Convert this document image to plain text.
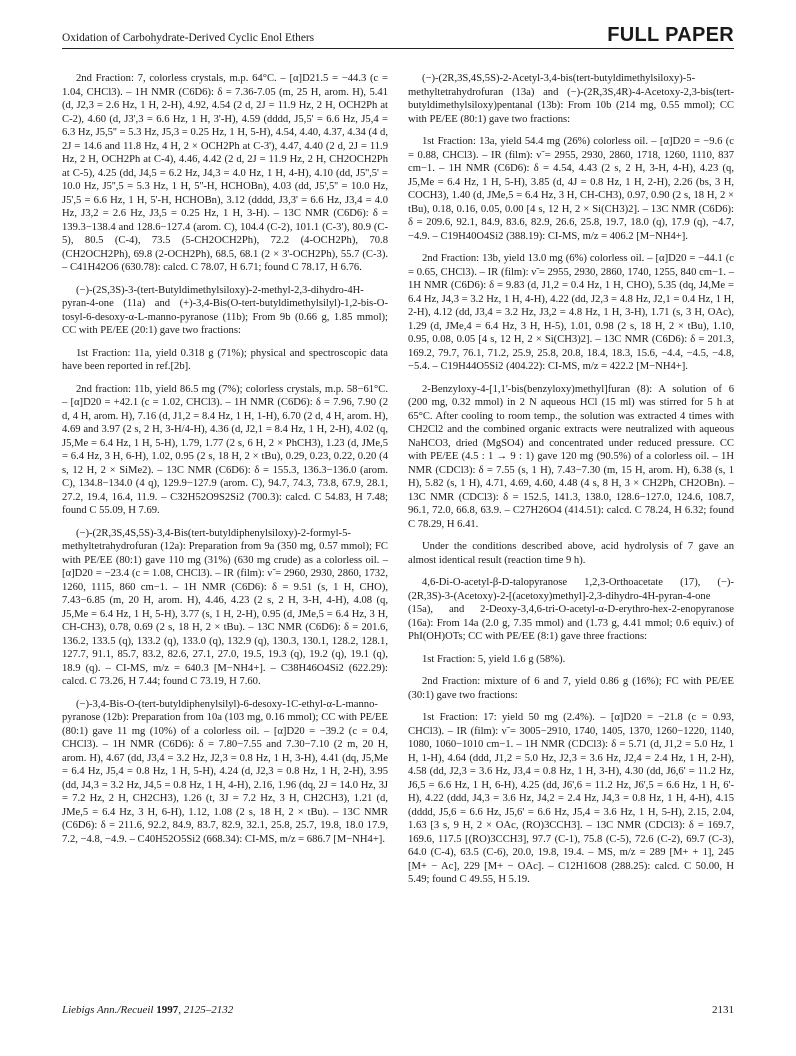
Oxidation of Carbohydrate-Derived Cyclic Enol Ethers	FULL PAPER

2nd Fraction: 7, colorless crystals, m.p. 64°C. – [α]D21.5 = −44.3 (c = 1.04, CHCl3). – 1H NMR (C6D6): δ = 7.36-7.05 (m, 25 H, arom. H), 5.41 (d, J2,3 = 2.6 Hz, 1 H, 2-H), 4.92, 4.54 (2 d, 2J = 11.9 Hz, 2 H, OCH2Ph at C-2), 4.60 (d, J3',3 = 6.6 Hz, 1 H, 3'-H), 4.59 (dddd, J5,5' = 6.6 Hz, J5,4 = 6.3 Hz, J5,5'' = 5.3 Hz, J5,3 = 0.25 Hz, 1 H, 5-H), 4.54, 4.40, 4.37, 4.34 (4 d, 2J = 14.6 and 11.8 Hz, 4 H, 2 × OCH2Ph at C-3'), 4.47, 4.40 (2 d, 2J = 11.9 Hz, 2 H, OCH2Ph at C-4), 4.46, 4.42 (2 d, 2J = 11.9 Hz, 2 H, CH2OCH2Ph at C-5), 4.25 (dd, J4,5 = 6.2 Hz, J4,3 = 4.0 Hz, 1 H, 4-H), 4.10 (dd, J5'',5' = 10.0 Hz, J5'',5 = 5.3 Hz, 1 H, 5''-H, HCHOBn), 4.03 (dd, J5',5'' = 10.0 Hz, J5',5 = 6.6 Hz, 1 H, 5'-H, HCHOBn), 3.12 (dddd, J3,3' = 6.6 Hz, J3,4 = 4.0 Hz, J3,2 = 2.6 Hz, J3,5 = 0.25 Hz, 1 H, 3-H). – 13C NMR (C6D6): δ = 139.3−138.4 and 128.6−127.4 (arom. C), 104.4 (C-2), 101.1 (C-3'), 80.9 (C-5), 80.5 (C-4), 73.5 (5-CH2OCH2Ph), 72.2 (4-OCH2Ph), 70.8 (CH2OCH2Ph), 69.8 (2-OCH2Ph), 68.5, 68.1 (2 × 3'-OCH2Ph), 55.7 (C-3). – C41H42O6 (630.78): calcd. C 78.07, H 6.71; found C 78.17, H 6.76.

(−)-(2S,3S)-3-(tert-Butyldimethylsiloxy)-2-methyl-2,3-dihydro-4H-pyran-4-one (11a) and (+)-3,4-Bis(O-tert-butyldimethylsilyl)-1,2-bis-O-tosyl-6-desoxy-α-L-manno-pyranose (11b); From 9b (0.66 g, 1.85 mmol); CC with PE/EE (20:1) gave two fractions:

1st Fraction: 11a, yield 0.318 g (71%); physical and spectroscopic data have been reported in ref.[2b].

2nd fraction: 11b, yield 86.5 mg (7%); colorless crystals, m.p. 58−61°C. – [α]D20 = +42.1 (c = 1.02, CHCl3). – 1H NMR (C6D6): δ = 7.96, 7.90 (2 d, 4 H, arom. H), 7.16 (d, J1,2 = 8.4 Hz, 1 H, 1-H), 6.70 (2 d, 4 H, arom. H), 4.69 and 3.97 (2 s, 2 H, 3-H/4-H), 4.36 (d, J2,1 = 8.4 Hz, 1 H, 2-H), 4.02 (q, J5,Me = 6.4 Hz, 1 H, 5-H), 1.79, 1.77 (2 s, 6 H, 2 × PhCH3), 1.23 (d, JMe,5 = 6.4 Hz, 3 H, 6-H), 1.02, 0.95 (2 s, 18 H, 2 × tBu), 0.29, 0.23, 0.22, 0.20 (4 s, 12 H, 2 × SiMe2). – 13C NMR (C6D6): δ = 155.3, 136.3−136.0 (arom. C), 134.8−134.0 (4 q), 129.9−127.9 (arom. C), 94.7, 74.3, 73.8, 67.9, 28.1, 27.2, 19.4, 16.4, 11.9. – C32H52O9S2Si2 (700.3): calcd. C 54.83, H 7.48; found C 55.09, H 7.69.

(−)-(2R,3S,4S,5S)-3,4-Bis(tert-butyldiphenylsiloxy)-2-formyl-5-methyltetrahydrofuran (12a): Preparation from 9a (350 mg, 0.57 mmol); FC with PE/EE (80:1) gave 110 mg (31%) (630 mg crude) as a colorless oil. – [α]D20 = −23.4 (c = 1.08, CHCl3). – IR (film): ν̃ = 2960, 2930, 2860, 1732, 1260, 1115, 860 cm−1. – 1H NMR (C6D6): δ = 9.51 (s, 1 H, CHO), 7.43−6.85 (m, 20 H, arom. H), 4.46, 4.23 (2 s, 2 H, 3-H, 4-H), 4.08 (q, J5,Me = 6.4 Hz, 1 H, 5-H), 3.77 (s, 1 H, 2-H), 0.95 (d, JMe,5 = 6.4 Hz, 3 H, CH-CH3), 0.78, 0.69 (2 s, 18 H, 2 × tBu). – 13C NMR (C6D6): δ = 201.6, 136.2, 133.5 (q), 133.2 (q), 133.0 (q), 132.9 (q), 130.3, 130.1, 128.2, 128.1, 127.7, 91.1, 85.7, 83.2, 82.6, 27.1, 27.0, 19.5, 19.3 (q), 19.2 (q), 19.1 (q), 18.9 (q). – CI-MS, m/z = 640.3 [M−NH4+]. – C38H46O4Si2 (622.29): calcd. C 73.26, H 7.44; found C 73.19, H 7.60.

(−)-3,4-Bis-O-(tert-butyldiphenylsilyl)-6-desoxy-1C-ethyl-α-L-manno-pyranose (12b): Preparation from 10a (103 mg, 0.16 mmol); CC with PE/EE (80:1) gave 11 mg (10%) of a colorless oil. – [α]D20 = −39.2 (c = 0.4, CHCl3). – 1H NMR (C6D6): δ = 7.80−7.55 and 7.30−7.10 (2 m, 20 H, arom. H), 4.67 (dd, J3,4 = 3.2 Hz, J2,3 = 0.8 Hz, 1 H, 3-H), 4.41 (dq, J5,Me = 6.4 Hz, J5,4 = 0.8 Hz, 1 H, 5-H), 4.24 (d, J2,3 = 0.8 Hz, 1 H, 2-H), 3.95 (dd, J4,3 = 3.2 Hz, J4,5 = 0.8 Hz, 1 H, 4-H), 2.16, 1.96 (dq, 2J = 14.0 Hz, 3J = 7.2 Hz, 2 H, CH2CH3), 1.26 (t, 3J = 7.2 Hz, 3 H, CH2CH3), 1.21 (d, JMe,5 = 6.4 Hz, 3 H, 6-H), 1.12, 1.08 (2 s, 18 H, 2 × tBu). – 13C NMR (C6D6): δ = 211.6, 92.2, 84.9, 83.7, 82.9, 32.1, 25.8, 25.7, 19.8, 18.0 17.9, 7.2, −4.8, −4.9. – C40H52O5Si2 (668.34): CI-MS, m/z = 686.7 [M−NH4+].

(−)-(2R,3S,4S,5S)-2-Acetyl-3,4-bis(tert-butyldimethylsiloxy)-5-methyltetrahydrofuran (13a) and (−)-(2R,3S,4R)-4-Acetoxy-2,3-bis(tert-butyldimethylsiloxy)pentanal (13b): From 10b (214 mg, 0.55 mmol); CC with PE/EE (80:1) gave two fractions:

1st Fraction: 13a, yield 54.4 mg (26%) colorless oil. – [α]D20 = −9.6 (c = 0.88, CHCl3). – IR (film): ν̃ = 2955, 2930, 2860, 1718, 1260, 1110, 837 cm−1. – 1H NMR (C6D6): δ = 4.54, 4.43 (2 s, 2 H, 3-H, 4-H), 4.23 (q, J5,Me = 6.4 Hz, 1 H, 5-H), 3.85 (d, 4J = 0.8 Hz, 1 H, 2-H), 2.26 (bs, 3 H, COCH3), 1.40 (d, JMe,5 = 6.4 Hz, 3 H, CH-CH3), 0.97, 0.90 (2 s, 18 H, 2 × tBu), 0.18, 0.16, 0.05, 0.00 [4 s, 12 H, 2 × Si(CH3)2]. – 13C NMR (C6D6): δ = 209.6, 92.1, 84.9, 83.6, 82.9, 26.6, 25.8, 19.7, 18.0 (q), 17.9 (q), −4.7, −4.9. – C19H40O4Si2 (388.19): CI-MS, m/z = 406.2 [M−NH4+].

2nd Fraction: 13b, yield 13.0 mg (6%) colorless oil. – [α]D20 = −44.1 (c = 0.65, CHCl3). – IR (film): ν̃ = 2955, 2930, 2860, 1740, 1255, 840 cm−1. – 1H NMR (C6D6): δ = 9.83 (d, J1,2 = 0.4 Hz, 1 H, CHO), 5.35 (dq, J4,Me = 6.4 Hz, J4,3 = 3.2 Hz, 1 H, 4-H), 4.22 (dd, J2,3 = 4.8 Hz, J2,1 = 0.4 Hz, 1 H, 2-H), 4.12 (dd, J3,4 = 3.2 Hz, J3,2 = 4.8 Hz, 1 H, 3-H), 1.71 (s, 3 H, OAc), 1.29 (d, JMe,4 = 6.4 Hz, 3 H, H-5), 1.01, 0.98 (2 s, 18 H, 2 × tBu), 1.10, 0.95, 0.08, 0.05 [4 s, 12 H, 2 × Si(CH3)2]. – 13C NMR (C6D6): δ = 201.3, 169.2, 79.7, 76.1, 71.2, 25.9, 25.8, 20.8, 18.4, 18.3, 15.6, −4.4, −4.5, −4.8, −5.4. – C19H44O5Si2 (404.22): CI-MS, m/z = 422.2 [M−NH4+].

2-Benzyloxy-4-[1,1'-bis(benzyloxy)methyl]furan (8): A solution of 6 (200 mg, 0.32 mmol) in 2 N aqueous HCl (15 ml) was stirred for 5 h at 65°C. After cooling to room temp., the solution was extracted 4 times with CH2Cl2 and the combined organic extracts were neutralized with aqueous NaHCO3, dried (MgSO4) and concentrated under reduced pressure. CC with PE/EE (4.5 : 1 → 9 : 1) gave 120 mg (90.5%) of a colorless oil. – 1H NMR (CDCl3): δ = 7.55 (s, 1 H), 7.43−7.30 (m, 15 H, arom. H), 6.38 (s, 1 H), 5.82 (s, 1 H), 4.71, 4.69, 4.60, 4.48 (4 s, 8 H, 3 × CH2Ph, CH2OBn). – 13C NMR (CDCl3): δ = 152.5, 141.3, 138.0, 128.6−127.0, 124.6, 108.7, 96.1, 72.0, 66.8, 63.9. – C27H26O4 (414.51): calcd. C 78.24, H 6.32; found C 78.29, H 6.41.

Under the conditions described above, acid hydrolysis of 7 gave an almost identical result (reaction time 9 h).

4,6-Di-O-acetyl-β-D-talopyranose 1,2,3-Orthoacetate (17), (−)-(2R,3S)-3-(Acetoxy)-2-[(acetoxy)methyl]-2,3-dihydro-4H-pyran-4-one (15a), and 2-Deoxy-3,4,6-tri-O-acetyl-α-D-erythro-hex-2-enopyranose (16a): From 14a (2.0 g, 7.35 mmol) and (1.73 g, 4.41 mmol; 0.6 equiv.) of PhI(OH)OTs; CC with PE/EE (8:1) gave three fractions:

1st Fraction: 5, yield 1.6 g (58%).

2nd Fraction: mixture of 6 and 7, yield 0.86 g (16%); FC with PE/EE (30:1) gave two fractions:

1st Fraction: 17: yield 50 mg (2.4%). – [α]D20 = −21.8 (c = 0.93, CHCl3). – IR (film): ν̃ = 3005−2910, 1740, 1405, 1370, 1260−1220, 1140, 1080, 1060−1010 cm−1. – 1H NMR (CDCl3): δ = 5.71 (d, J1,2 = 5.0 Hz, 1 H, 1-H), 4.64 (ddd, J1,2 = 5.0 Hz, J2,3 = 3.6 Hz, J2,4 = 2.4 Hz, 1 H, 2-H), 4.58 (dd, J2,3 = 3.6 Hz, J3,4 = 0.8 Hz, 1 H, 3-H), 4.30 (dd, J6,6' = 11.2 Hz, J6,5 = 6.6 Hz, 1 H, 6-H), 4.25 (dd, J6',6 = 11.2 Hz, J6',5 = 6.6 Hz, 1 H, 6'-H), 4.22 (ddd, J4,3 = 3.6 Hz, J4,2 = 2.4 Hz, J4,3 = 0.8 Hz, 1 H, 4-H), 4.15 (dddd, J5,6 = 6.6 Hz, J5,6' = 6.6 Hz, J5,4 = 3.6 Hz, 1 H, 5-H), 2.15, 2.04, 1.63 [3 s, 9 H, 2 × OAc, (RO)3CCH3]. – 13C NMR (CDCl3): δ = 169.7, 169.6, 117.5 [(RO)3CCH3], 97.7 (C-1), 75.8 (C-5), 72.6 (C-2), 69.7 (C-3), 64.0 (C-4), 63.5 (C-6), 20.0, 19.8, 19.4. – MS, m/z = 289 [M+ + 1], 245 [M+ − Ac], 229 [M+ − OAc]. – C12H16O8 (288.25): calcd. C 50.00, H 5.49; found C 49.55, H 5.19.

Liebigs Ann./Recueil 1997, 2125–2132	2131
